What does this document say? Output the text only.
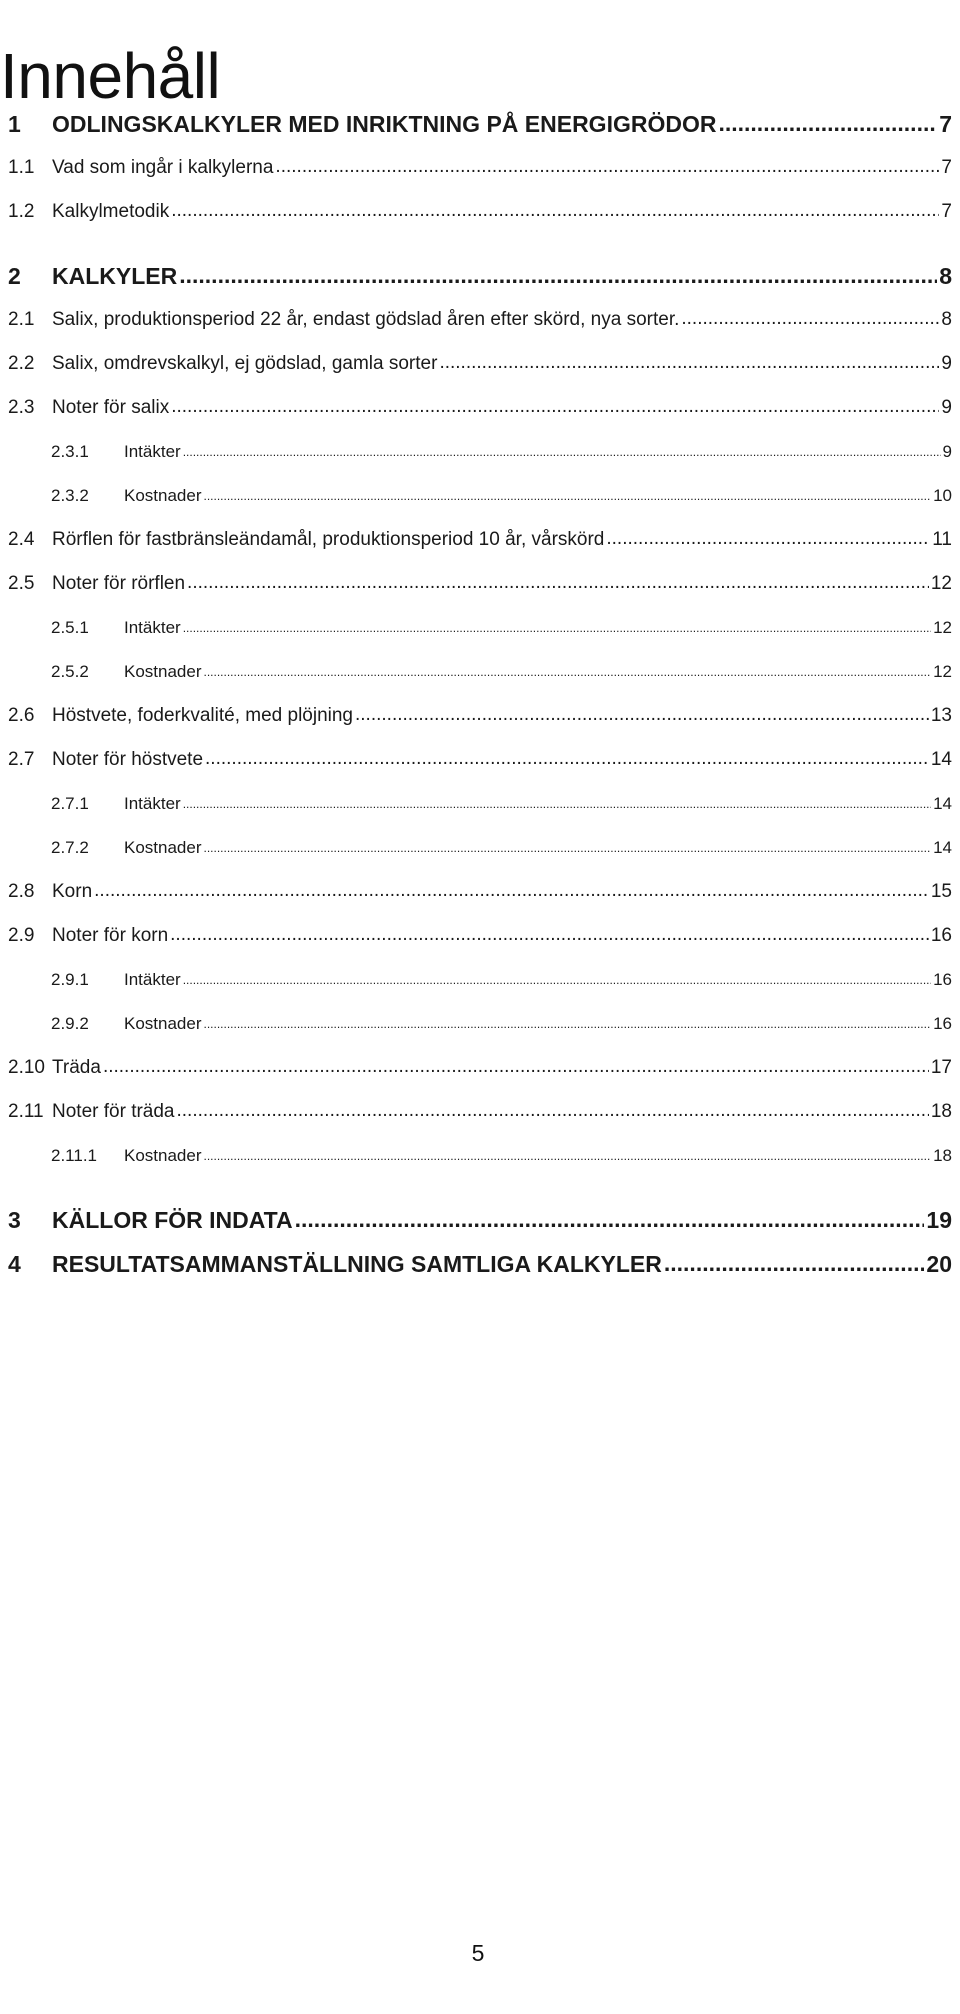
Innehåll
1	ODLINGSKALKYLER MED INRIKTNING PÅ ENERGIGRÖDOR .....	7
1.1 Vad som ingår i kalkylerna .....	7
1.2 Kalkylmetodik .....	7
2	KALKYLER .....	8
2.1 Salix, produktionsperiod 22 år, endast gödslad åren efter skörd, nya sorter. .....	8
2.2 Salix, omdrevskalkyl, ej gödslad, gamla sorter .....	9
2.3 Noter för salix .....	9
2.3.1	Intäkter .....	9
2.3.2	Kostnader .....	10
2.4 Rörflen för fastbränsleändamål, produktionsperiod 10 år, vårskörd .....	11
2.5 Noter för rörflen .....	12
2.5.1	Intäkter .....	12
2.5.2	Kostnader .....	12
2.6 Höstvete, foderkvalité, med plöjning .....	13
2.7 Noter för höstvete .....	14
2.7.1	Intäkter .....	14
2.7.2	Kostnader .....	14
2.8 Korn .....	15
2.9 Noter för korn .....	16
2.9.1	Intäkter .....	16
2.9.2	Kostnader .....	16
2.10 Träda .....	17
2.11 Noter för träda .....	18
2.11.1	Kostnader .....	18
3	KÄLLOR FÖR INDATA .....	19
4	RESULTATSAMMANSTÄLLNING SAMTLIGA KALKYLER .....	20
5
